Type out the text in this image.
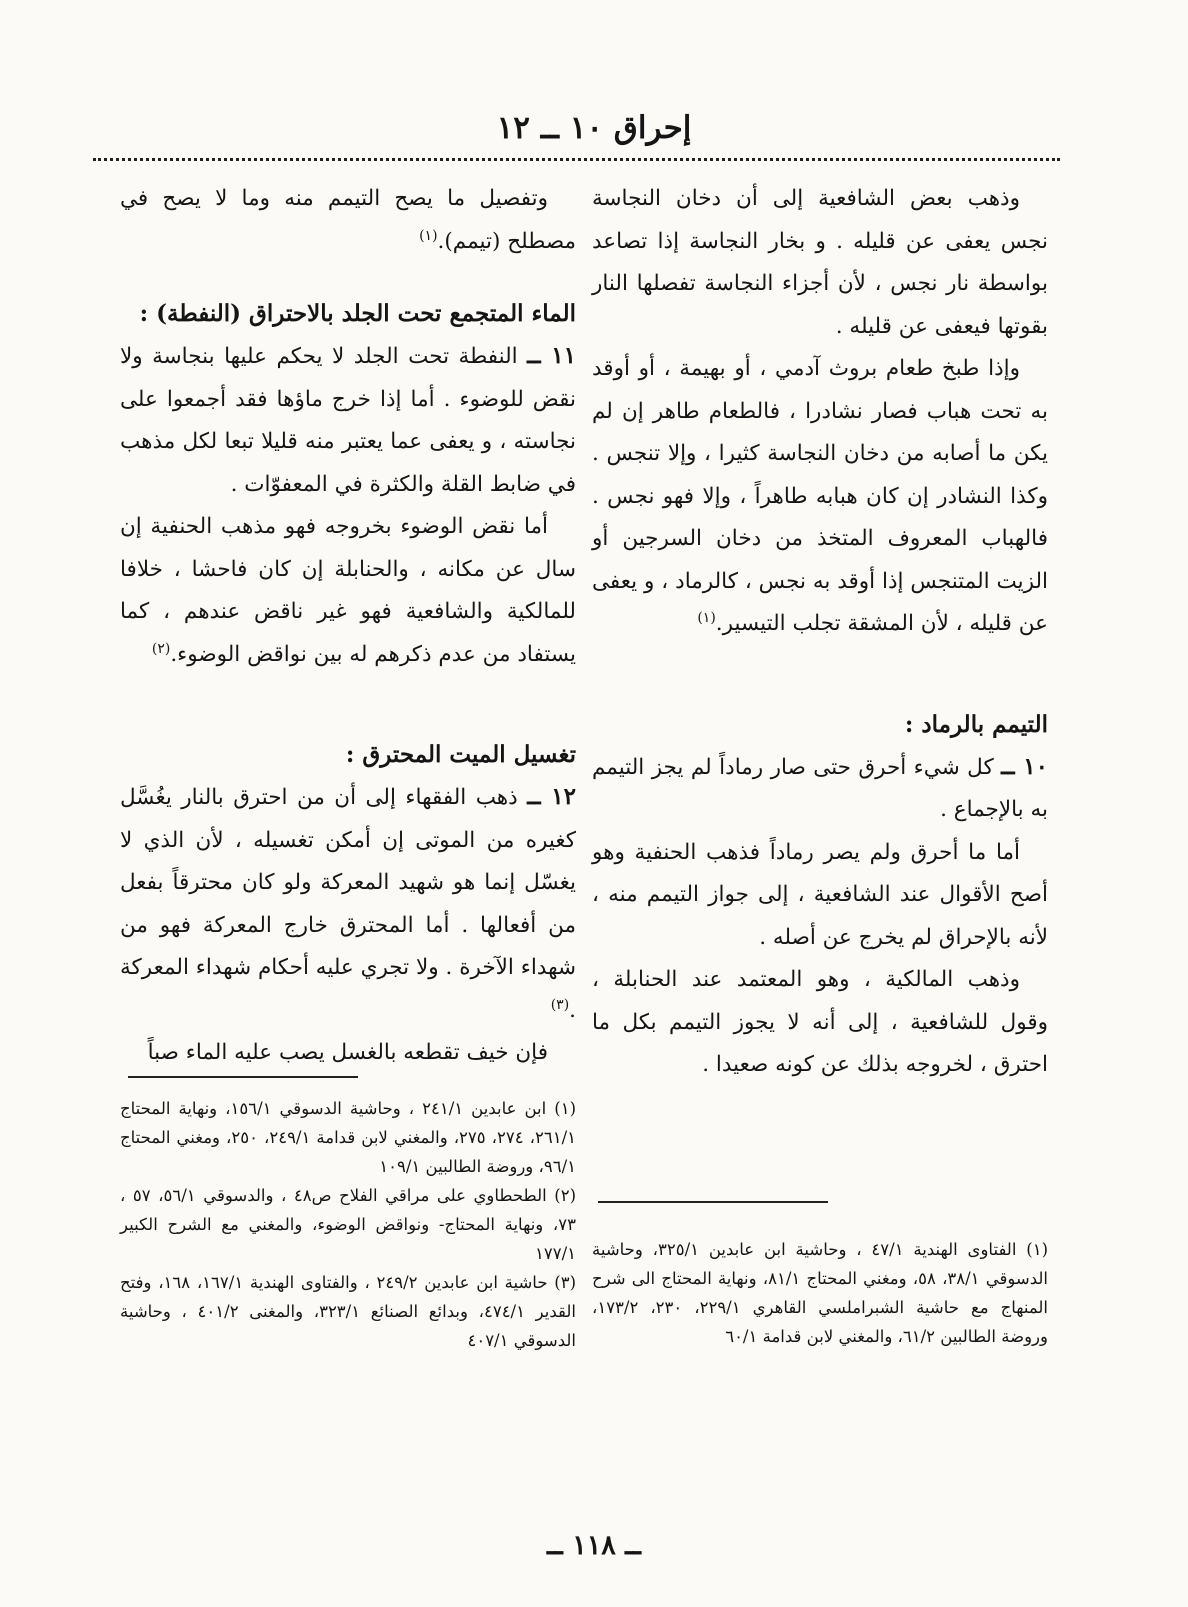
إحراق ١٠ ــ ١٢

وذهب بعض الشافعية إلى أن دخان النجاسة نجس يعفى عن قليله . و بخار النجاسة إذا تصاعد بواسطة نار نجس ، لأن أجزاء النجاسة تفصلها النار بقوتها فيعفى عن قليله .

وإذا طبخ طعام بروث آدمي ، أو بهيمة ، أو أوقد به تحت هباب فصار نشادرا ، فالطعام طاهر إن لم يكن ما أصابه من دخان النجاسة كثيرا ، وإلا تنجس . وكذا النشادر إن كان هبابه طاهراً ، وإلا فهو نجس . فالهباب المعروف المتخذ من دخان السرجين أو الزيت المتنجس إذا أوقد به نجس ، كالرماد ، و يعفى عن قليله ، لأن المشقة تجلب التيسير.$^{(١)}$

التيمم بالرماد :

١٠ ــ كل شيء أحرق حتى صار رماداً لم يجز التيمم به بالإجماع .

أما ما أحرق ولم يصر رماداً فذهب الحنفية وهو أصح الأقوال عند الشافعية ، إلى جواز التيمم منه ، لأنه بالإحراق لم يخرج عن أصله .

وذهب المالكية ، وهو المعتمد عند الحنابلة ، وقول للشافعية ، إلى أنه لا يجوز التيمم بكل ما احترق ، لخروجه بذلك عن كونه صعيدا .

وتفصيل ما يصح التيمم منه وما لا يصح في مصطلح (تيمم).$^{(١)}$

الماء المتجمع تحت الجلد بالاحتراق (النفطة) :

١١ ــ النفطة تحت الجلد لا يحكم عليها بنجاسة ولا نقض للوضوء . أما إذا خرج ماؤها فقد أجمعوا على نجاسته ، و يعفى عما يعتبر منه قليلا تبعا لكل مذهب في ضابط القلة والكثرة في المعفوّات .

أما نقض الوضوء بخروجه فهو مذهب الحنفية إن سال عن مكانه ، والحنابلة إن كان فاحشا ، خلافا للمالكية والشافعية فهو غير ناقض عندهم ، كما يستفاد من عدم ذكرهم له بين نواقض الوضوء.$^{(٢)}$

تغسيل الميت المحترق :

١٢ ــ ذهب الفقهاء إلى أن من احترق بالنار يغُسَّل كغيره من الموتى إن أمكن تغسيله ، لأن الذي لا يغسّل إنما هو شهيد المعركة ولو كان محترقاً بفعل من أفعالها . أما المحترق خارج المعركة فهو من شهداء الآخرة . ولا تجري عليه أحكام شهداء المعركة .$^{(٣)}$

فإن خيف تقطعه بالغسل يصب عليه الماء صباً

(١) ابن عابدين ٢٤١/١ ، وحاشية الدسوقي ١٥٦/١، ونهاية المحتاج ٢٦١/١، ٢٧٤، ٢٧٥، والمغني لابن قدامة ٢٤٩/١، ٢٥٠، ومغني المحتاج ٩٦/١، وروضة الطالبين ١٠٩/١

(٢) الطحطاوي على مراقي الفلاح ص٤٨ ، والدسوقي ٥٦/١، ٥٧ ، ٧٣، ونهاية المحتاج- ونواقض الوضوء، والمغني مع الشرح الكبير ١٧٧/١

(٣) حاشية ابن عابدين ٢٤٩/٢ ، والفتاوى الهندية ١٦٧/١، ١٦٨، وفتح القدير ٤٧٤/١، وبدائع الصنائع ٣٢٣/١، والمغنى ٤٠١/٢ ، وحاشية الدسوقي ٤٠٧/١

(١) الفتاوى الهندية ٤٧/١ ، وحاشية ابن عابدين ٣٢٥/١، وحاشية الدسوقي ٣٨/١، ٥٨، ومغني المحتاج ٨١/١، ونهاية المحتاج الى شرح المنهاج مع حاشية الشبراملسي القاهري ٢٢٩/١، ٢٣٠، ١٧٣/٢، وروضة الطالبين ٦١/٢، والمغني لابن قدامة ٦٠/١

ــ ١١٨ ــ
